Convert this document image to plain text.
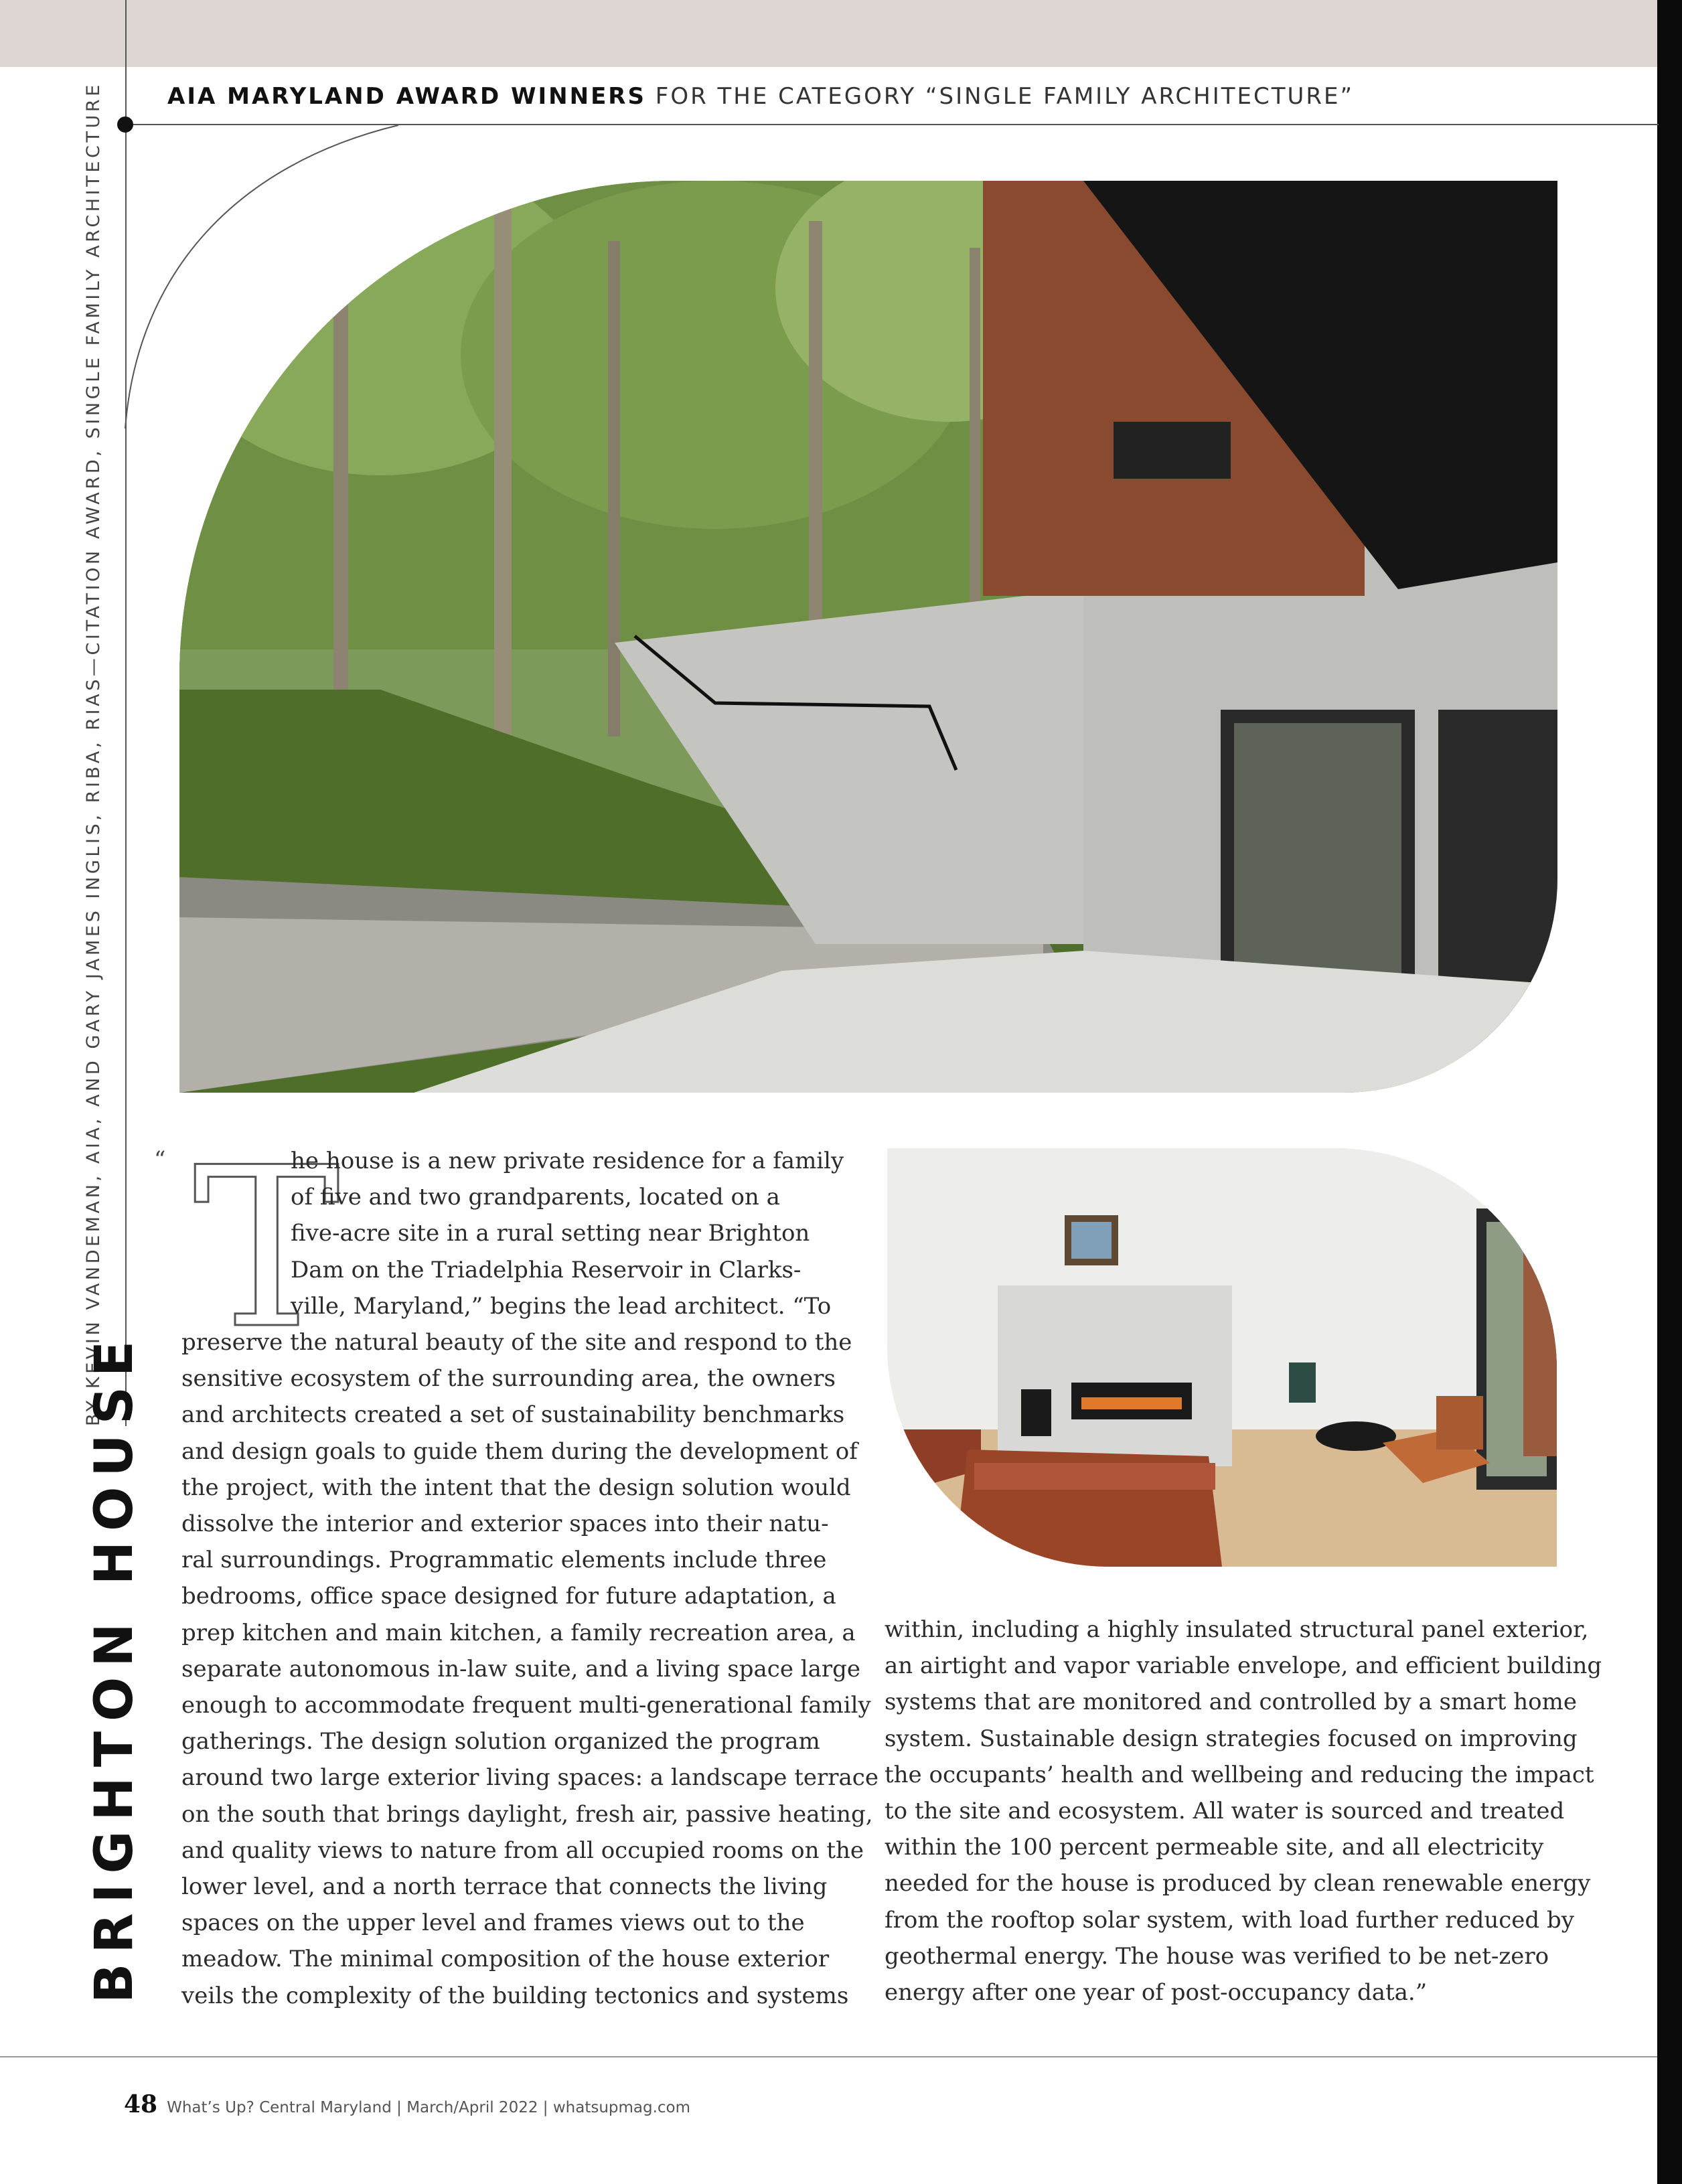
AIA MARYLAND AWARD WINNERS FOR THE CATEGORY “SINGLE FAMILY ARCHITECTURE”
BY KEVIN VANDEMAN, AIA, AND GARY JAMES INGLIS, RIBA, RIAS—CITATION AWARD, SINGLE FAMILY ARCHITECTURE
BRIGHTON HOUSE
“ T
he house is a new private residence for a family
of five and two grandparents, located on a
five-acre site in a rural setting near Brighton
Dam on the Triadelphia Reservoir in Clarks-
ville, Maryland,” begins the lead architect. “To
preserve the natural beauty of the site and respond to the
sensitive ecosystem of the surrounding area, the owners
and architects created a set of sustainability benchmarks
and design goals to guide them during the development of
the project, with the intent that the design solution would
dissolve the interior and exterior spaces into their natu-
ral surroundings. Programmatic elements include three
bedrooms, office space designed for future adaptation, a
prep kitchen and main kitchen, a family recreation area, a
separate autonomous in-law suite, and a living space large
enough to accommodate frequent multi-generational family
gatherings. The design solution organized the program
around two large exterior living spaces: a landscape terrace
on the south that brings daylight, fresh air, passive heating,
and quality views to nature from all occupied rooms on the
lower level, and a north terrace that connects the living
spaces on the upper level and frames views out to the
meadow. The minimal composition of the house exterior
veils the complexity of the building tectonics and systems
within, including a highly insulated structural panel exterior,
an airtight and vapor variable envelope, and efficient building
systems that are monitored and controlled by a smart home
system. Sustainable design strategies focused on improving
the occupants’ health and wellbeing and reducing the impact
to the site and ecosystem. All water is sourced and treated
within the 100 percent permeable site, and all electricity
needed for the house is produced by clean renewable energy
from the rooftop solar system, with load further reduced by
geothermal energy. The house was verified to be net-zero
energy after one year of post-occupancy data.”
48 What’s Up? Central Maryland | March/April 2022 | whatsupmag.com
